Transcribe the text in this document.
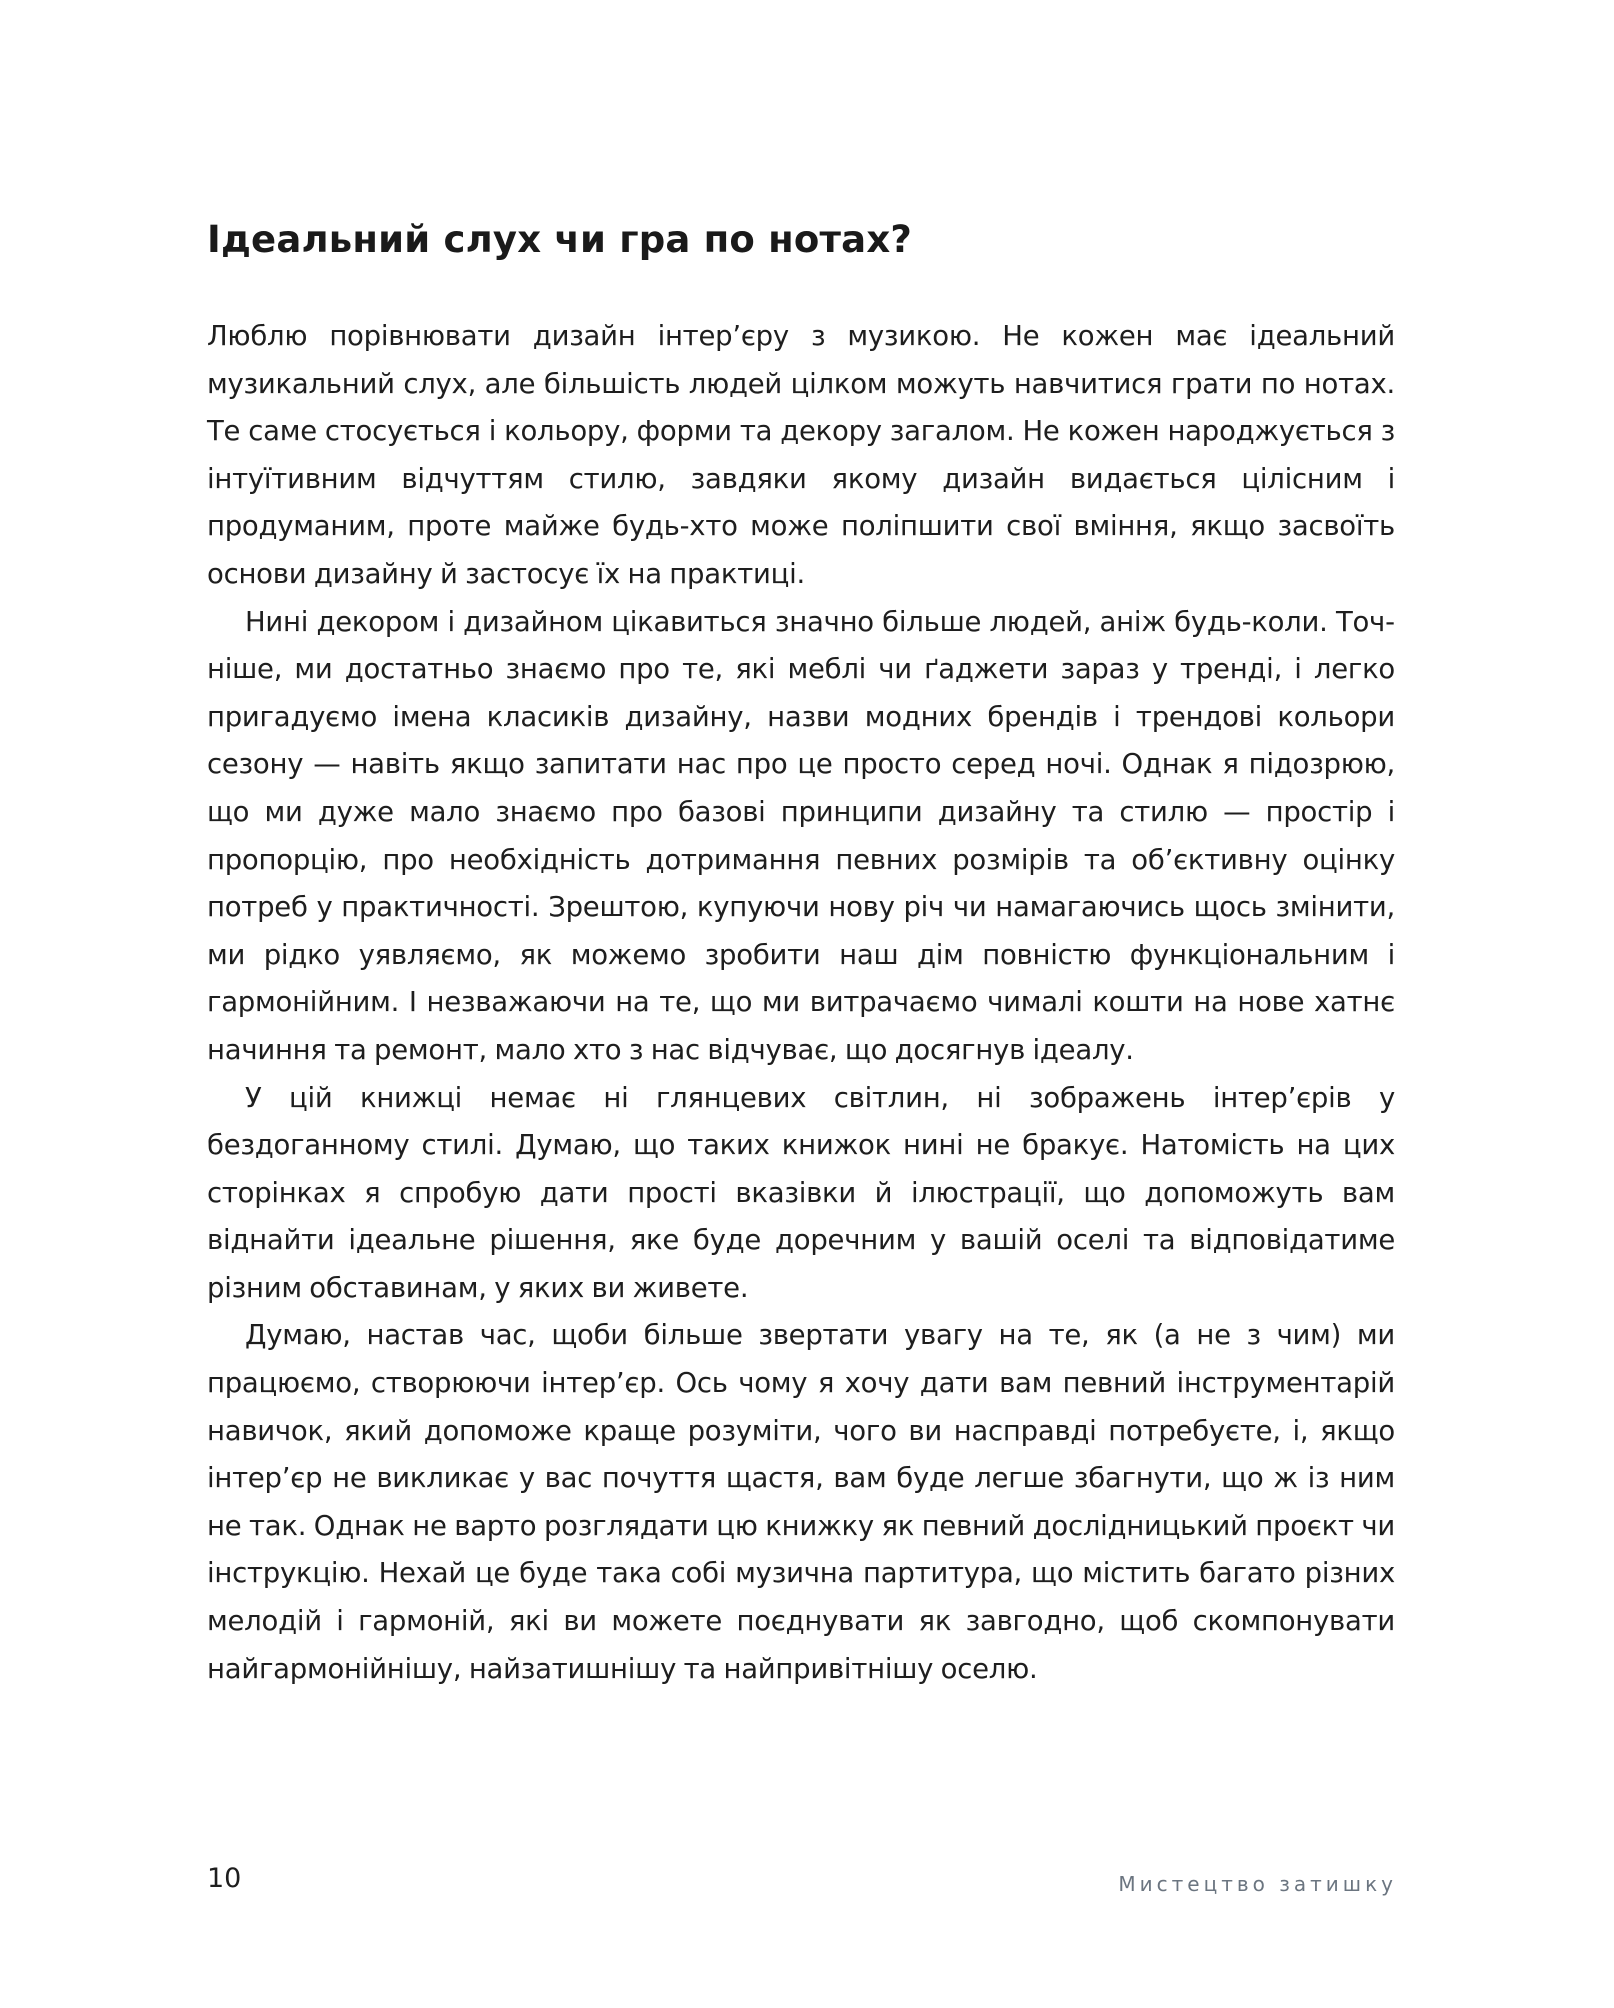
Ідеальний слух чи гра по нотах?

Люблю порівнювати дизайн інтер’єру з музикою. Не кожен має ідеальний музикальний слух, але більшість людей цілком можуть навчитися грати по нотах. Те саме стосується і кольору, форми та декору загалом. Не кожен народжується з інтуїтивним відчуттям стилю, завдяки якому дизайн видається цілісним і продуманим, проте майже будь-хто може поліпшити свої вміння, якщо засвоїть основи дизайну й застосує їх на практиці.

Нині декором і дизайном цікавиться значно більше людей, аніж будь-коли. Точніше, ми достатньо знаємо про те, які меблі чи ґаджети зараз у тренді, і легко пригадуємо імена класиків дизайну, назви модних брендів і трендові кольори сезону — навіть якщо запитати нас про це просто серед ночі. Однак я підозрюю, що ми дуже мало знаємо про базові принципи дизайну та стилю — простір і пропорцію, про необхідність дотримання певних розмірів та об’єктивну оцінку потреб у практичності. Зрештою, купуючи нову річ чи намагаючись щось змінити, ми рідко уявляємо, як можемо зробити наш дім повністю функціональним і гармонійним. І незважаючи на те, що ми витрачаємо чималі кошти на нове хатнє начиння та ремонт, мало хто з нас відчуває, що досягнув ідеалу.

У цій книжці немає ні глянцевих світлин, ні зображень інтер’єрів у бездоганному стилі. Думаю, що таких книжок нині не бракує. Натомість на цих сторінках я спробую дати прості вказівки й ілюстрації, що допоможуть вам віднайти ідеальне рішення, яке буде доречним у вашій оселі та відповідатиме різним обставинам, у яких ви живете.

Думаю, настав час, щоби більше звертати увагу на те, як (а не з чим) ми працюємо, створюючи інтер’єр. Ось чому я хочу дати вам певний інструментарій навичок, який допоможе краще розуміти, чого ви насправді потребуєте, і, якщо інтер’єр не викликає у вас почуття щастя, вам буде легше збагнути, що ж із ним не так. Однак не варто розглядати цю книжку як певний дослідницький проєкт чи інструкцію. Нехай це буде така собі музична партитура, що містить багато різних мелодій і гармоній, які ви можете поєднувати як завгодно, щоб скомпонувати найгармонійнішу, найзатишнішу та найпривітнішу оселю.

10	Мистецтво затишку
